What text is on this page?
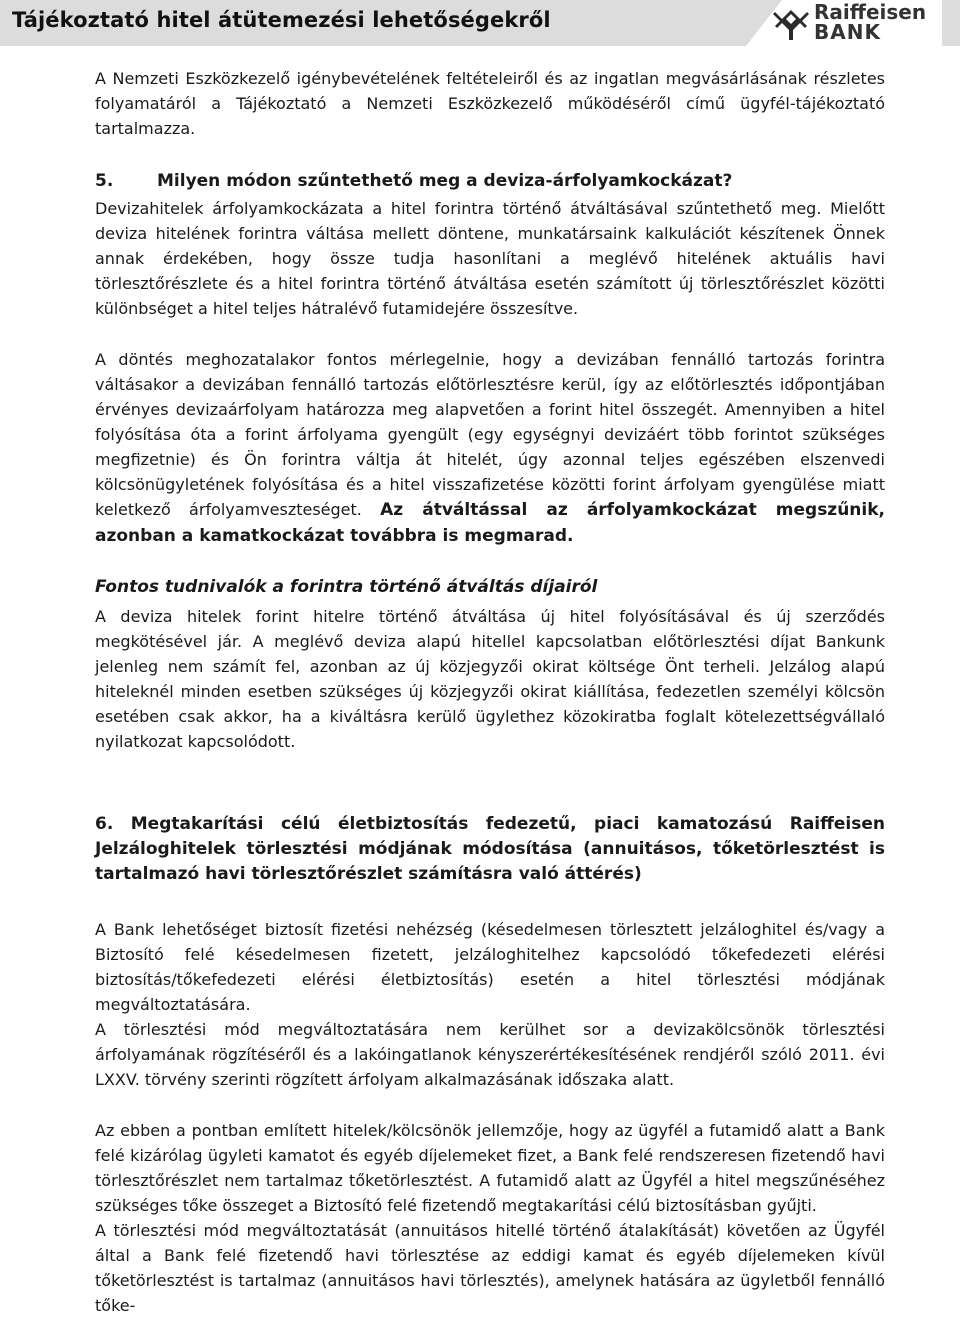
Tájékoztató hitel átütemezési lehetőségekről	Raiffeisen
BANK

A Nemzeti Eszközkezelő igénybevételének feltételeiről és az ingatlan megvásárlásának részletes folyamatáról a Tájékoztató a Nemzeti Eszközkezelő működéséről című ügyfél-tájékoztató tartalmazza.

5.	Milyen módon szűntethető meg a deviza-árfolyamkockázat?

Devizahitelek árfolyamkockázata a hitel forintra történő átváltásával szűntethető meg. Mielőtt deviza hitelének forintra váltása mellett döntene, munkatársaink kalkulációt készítenek Önnek annak érdekében, hogy össze tudja hasonlítani a meglévő hitelének aktuális havi törlesztőrészlete és a hitel forintra történő átváltása esetén számított új törlesztőrészlet közötti különbséget a hitel teljes hátralévő futamidejére összesítve.

A döntés meghozatalakor fontos mérlegelnie, hogy a devizában fennálló tartozás forintra váltásakor a devizában fennálló tartozás előtörlesztésre kerül, így az előtörlesztés időpontjában érvényes devizaárfolyam határozza meg alapvetően a forint hitel összegét. Amennyiben a hitel folyósítása óta a forint árfolyama gyengült (egy egységnyi devizáért több forintot szükséges megfizetnie) és Ön forintra váltja át hitelét, úgy azonnal teljes egészében elszenvedi kölcsönügyletének folyósítása és a hitel visszafizetése közötti forint árfolyam gyengülése miatt keletkező árfolyamveszteséget. Az átváltással az árfolyamkockázat megszűnik, azonban a kamatkockázat továbbra is megmarad.

Fontos tudnivalók a forintra történő átváltás díjairól

A deviza hitelek forint hitelre történő átváltása új hitel folyósításával és új szerződés megkötésével jár. A meglévő deviza alapú hitellel kapcsolatban előtörlesztési díjat Bankunk jelenleg nem számít fel, azonban az új közjegyzői okirat költsége Önt terheli. Jelzálog alapú hiteleknél minden esetben szükséges új közjegyzői okirat kiállítása, fedezetlen személyi kölcsön esetében csak akkor, ha a kiváltásra kerülő ügylethez közokiratba foglalt kötelezettségvállaló nyilatkozat kapcsolódott.

6. Megtakarítási célú életbiztosítás fedezetű, piaci kamatozású Raiffeisen Jelzáloghitelek törlesztési módjának módosítása (annuitásos, tőketörlesztést is tartalmazó havi törlesztőrészlet számításra való áttérés)

A Bank lehetőséget biztosít fizetési nehézség (késedelmesen törlesztett jelzáloghitel és/vagy a Biztosító felé késedelmesen fizetett, jelzáloghitelhez kapcsolódó tőkefedezeti elérési biztosítás/tőkefedezeti elérési életbiztosítás) esetén a hitel törlesztési módjának megváltoztatására.

A törlesztési mód megváltoztatására nem kerülhet sor a devizakölcsönök törlesztési árfolyamának rögzítéséről és a lakóingatlanok kényszerértékesítésének rendjéről szóló 2011. évi LXXV. törvény szerinti rögzített árfolyam alkalmazásának időszaka alatt.

Az ebben a pontban említett hitelek/kölcsönök jellemzője, hogy az ügyfél a futamidő alatt a Bank felé kizárólag ügyleti kamatot és egyéb díjelemeket fizet, a Bank felé rendszeresen fizetendő havi törlesztőrészlet nem tartalmaz tőketörlesztést. A futamidő alatt az Ügyfél a hitel megszűnéséhez szükséges tőke összeget a Biztosító felé fizetendő megtakarítási célú biztosításban gyűjti.

A törlesztési mód megváltoztatását (annuitásos hitellé történő átalakítását) követően az Ügyfél által a Bank felé fizetendő havi törlesztése az eddigi kamat és egyéb díjelemeken kívül tőketörlesztést is tartalmaz (annuitásos havi törlesztés), amelynek hatására az ügyletből fennálló tőke-
